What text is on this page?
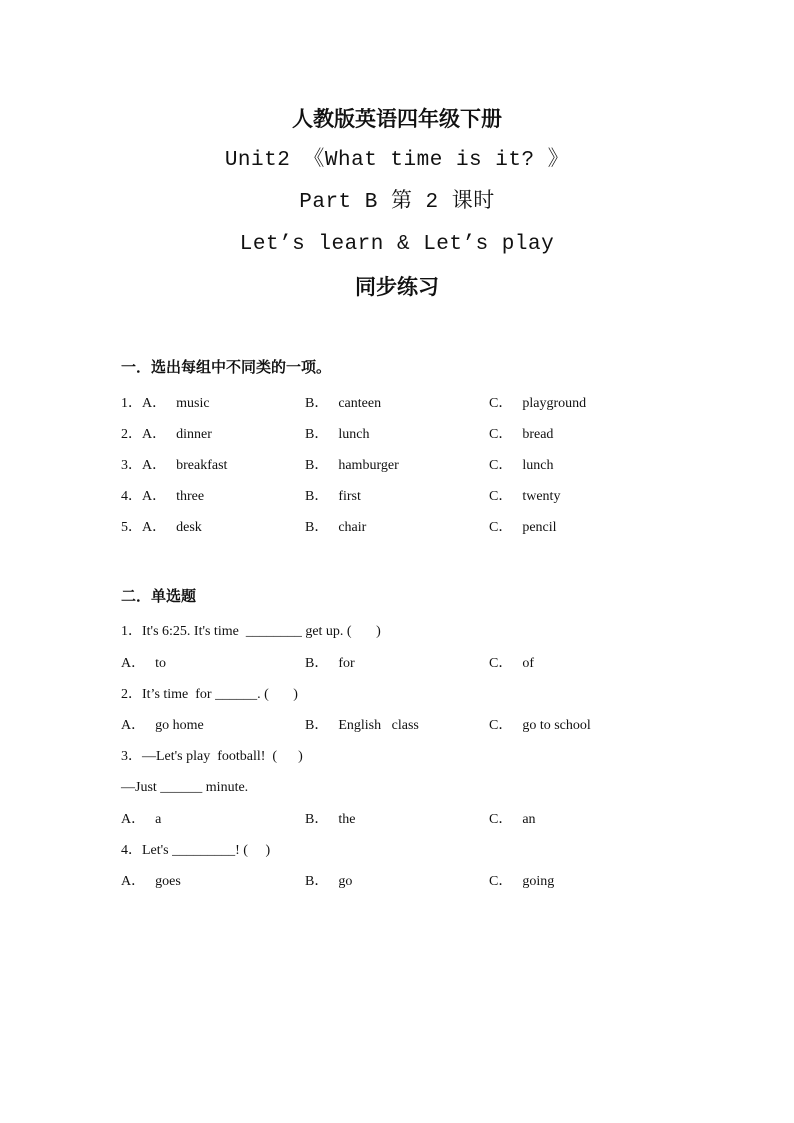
人教版英语四年级下册
Unit2 《What time is it? 》
Part B 第 2 课时
Let’s learn & Let’s play
同步练习
一．选出每组中不同类的一项。
1．A． music	B． canteen	C． playground
2．A． dinner	B． lunch	C． bread
3．A． breakfast	B． hamburger	C． lunch
4．A． three	B． first	C． twenty
5．A． desk	B． chair	C． pencil
二．单选题
1．It's 6:25. It's time  ________ get up. (       )
A． to	B． for	C． of
2．It’s time  for ______. (       )
A． go home	B． English   class	C． go to school
3．—Let's play  football!  (      )
—Just ______ minute.
A． a	B． the	C． an
4．Let's _________! (     )
A． goes	B． go	C． going
